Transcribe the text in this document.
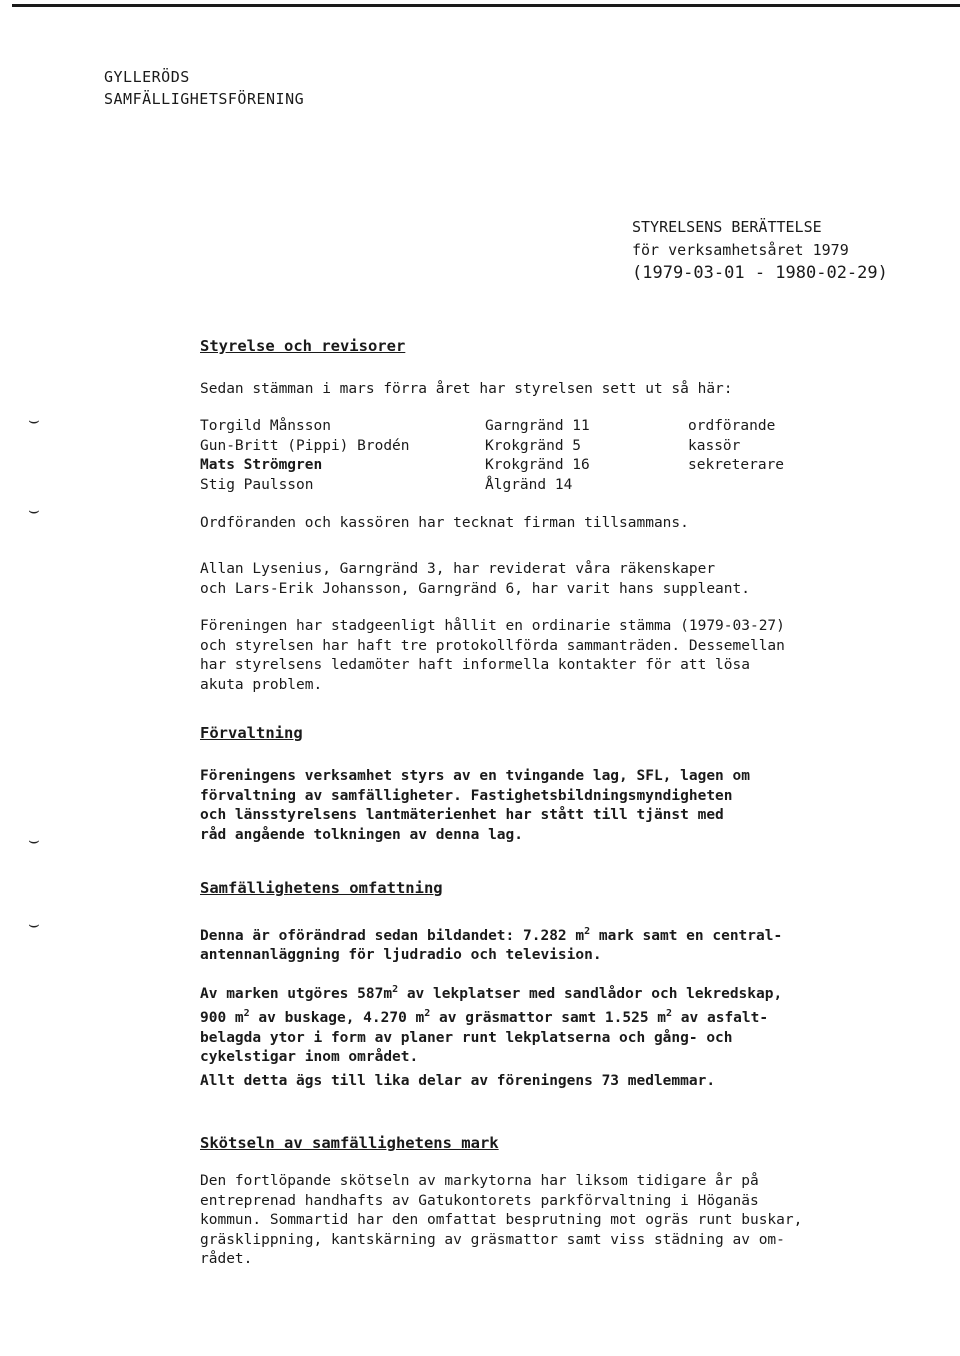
⌣
⌣
⌣
⌣
GYLLERÖDS
SAMFÄLLIGHETSFÖRENING
STYRELSENS BERÄTTELSE
för verksamhetsåret 1979
(1979-03-01 - 1980-02-29)
Styrelse och revisorer
Sedan stämman i mars förra året har styrelsen sett ut så här:
Torgild Månsson	Garngränd 11	ordförande
Gun-Britt (Pippi) Brodén	Krokgränd 5	kassör
Mats Strömgren	Krokgränd 16	sekreterare
Stig Paulsson	Ålgränd 14
Ordföranden och kassören har tecknat firman tillsammans.
Allan Lysenius, Garngränd 3, har reviderat våra räkenskaper
och Lars-Erik Johansson, Garngränd 6, har varit hans suppleant.
Föreningen har stadgeenligt hållit en ordinarie stämma (1979-03-27)
och styrelsen har haft tre protokollförda sammanträden. Dessemellan
har styrelsens ledamöter haft informella kontakter för att lösa
akuta problem.
Förvaltning
Föreningens verksamhet styrs av en tvingande lag, SFL, lagen om
förvaltning av samfälligheter. Fastighetsbildningsmyndigheten
och länsstyrelsens lantmäterienhet har stått till tjänst med
råd angående tolkningen av denna lag.
Samfällighetens omfattning
Denna är oförändrad sedan bildandet: 7.282 $m^2$ mark samt en central-
antennanläggning för ljudradio och television.
Av marken utgöres $587m^2$ av lekplatser med sandlådor och lekredskap,
900 $m^2$ av buskage, 4.270 $m^2$ av gräsmattor samt 1.525 $m^2$ av asfalt-
belagda ytor i form av planer runt lekplatserna och gång- och
cykelstigar inom området.
Allt detta ägs till lika delar av föreningens 73 medlemmar.
Skötseln av samfällighetens mark
Den fortlöpande skötseln av markytorna har liksom tidigare år på
entreprenad handhafts av Gatukontorets parkförvaltning i Höganäs
kommun. Sommartid har den omfattat besprutning mot ogräs runt buskar,
gräsklippning, kantskärning av gräsmattor samt viss städning av om-
rådet.
